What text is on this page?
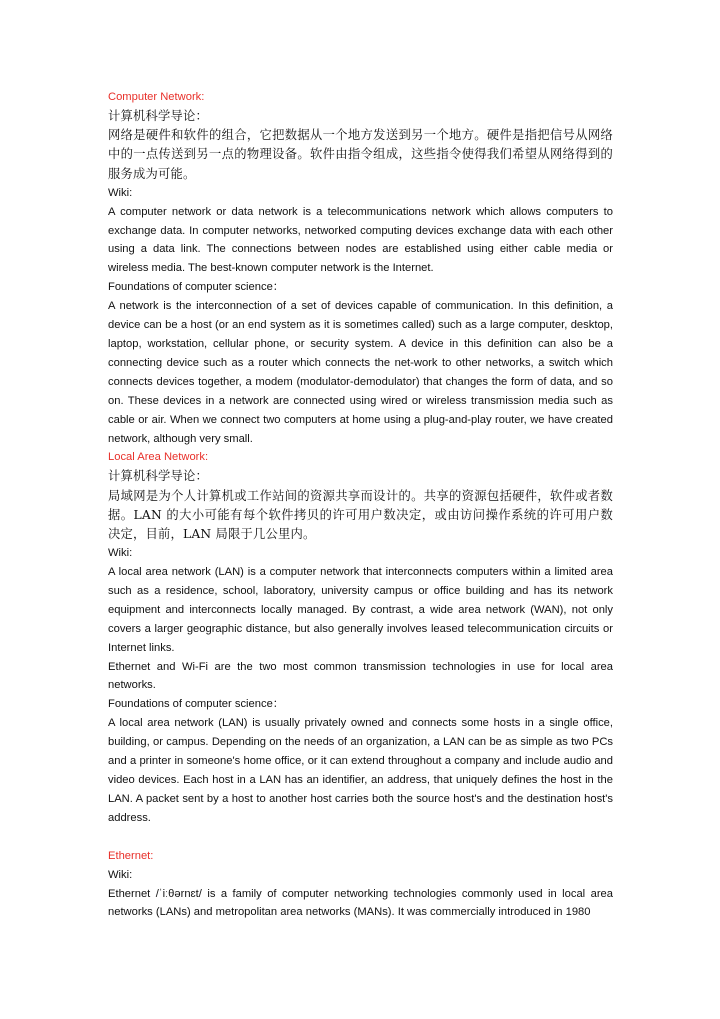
Computer Network:

计算机科学导论：

网络是硬件和软件的组合，它把数据从一个地方发送到另一个地方。硬件是指把信号从网络中的一点传送到另一点的物理设备。软件由指令组成，这些指令使得我们希望从网络得到的服务成为可能。

Wiki:

A computer network or data network is a telecommunications network which allows computers to exchange data. In computer networks, networked computing devices exchange data with each other using a data link. The connections between nodes are established using either cable media or wireless media. The best-known computer network is the Internet.

Foundations of computer science：

A network is the interconnection of a set of devices capable of communication. In this definition, a device can be a host (or an end system as it is sometimes called) such as a large computer, desktop, laptop, workstation, cellular phone, or security system. A device in this definition can also be a connecting device such as a router which connects the net-work to other networks, a switch which connects devices together, a modem (modulator-demodulator) that changes the form of data, and so on. These devices in a network are connected using wired or wireless transmission media such as cable or air. When we connect two computers at home using a plug-and-play router, we have created network, although very small.

Local Area Network:

计算机科学导论：

局域网是为个人计算机或工作站间的资源共享而设计的。共享的资源包括硬件，软件或者数据。LAN 的大小可能有每个软件拷贝的许可用户数决定，或由访问操作系统的许可用户数决定，目前，LAN 局限于几公里内。

Wiki:

A local area network (LAN) is a computer network that interconnects computers within a limited area such as a residence, school, laboratory, university campus or office building and has its network equipment and interconnects locally managed. By contrast, a wide area network (WAN), not only covers a larger geographic distance, but also generally involves leased telecommunication circuits or Internet links.

Ethernet and Wi-Fi are the two most common transmission technologies in use for local area networks.

Foundations of computer science：

A local area network (LAN) is usually privately owned and connects some hosts in a single office, building, or campus. Depending on the needs of an organization, a LAN can be as simple as two PCs and a printer in someone's home office, or it can extend throughout a company and include audio and video devices. Each host in a LAN has an identifier, an address, that uniquely defines the host in the LAN. A packet sent by a host to another host carries both the source host's and the destination host's address.

Ethernet:

Wiki:

Ethernet /ˈiːθərnɛt/ is a family of computer networking technologies commonly used in local area networks (LANs) and metropolitan area networks (MANs). It was commercially introduced in 1980
